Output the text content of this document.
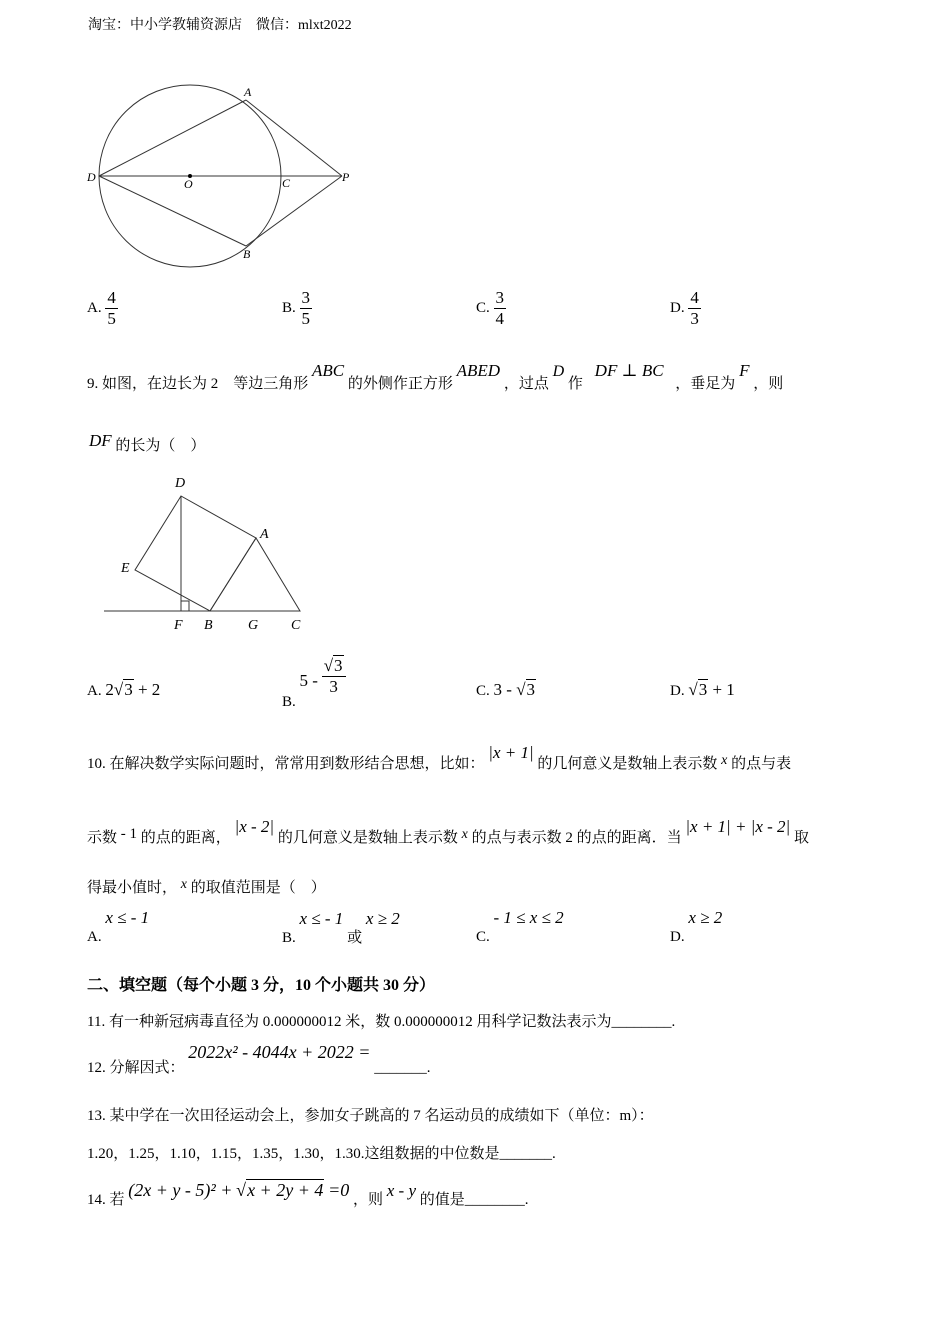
淘宝：中小学教辅资源店　微信：mlxt2022
A
D	O	C	P
B
A. $\frac{4}{5}$	B. $\frac{3}{5}$	C. $\frac{3}{4}$	D. $\frac{4}{3}$
9. 如图，在边长为 2　等边三角形 ABC 的外侧作正方形 ABED ，过点 D 作 DF ⊥ BC ，垂足为 F ，则
DF 的长为（　）
D
A
E
F B	G C
A. 2√3 + 2
B. $5 - \frac{√3}{3}$	C. 3 - √3	D. √3 + 1
10. 在解决数学实际问题时，常常用到数形结合思想，比如： |x + 1| 的几何意义是数轴上表示数 x 的点与表
示数 - 1 的点的距离， |x - 2| 的几何意义是数轴上表示数 x 的点与表示数 2 的点的距离．当 |x + 1| + |x - 2| 取
得最小值时， x 的取值范围是（　）
A. x ≤ - 1
B. x ≤ - 1 或 x ≥ 2
C. - 1 ≤ x ≤ 2
D. x ≥ 2
二、填空题（每个小题 3 分，10 个小题共 30 分）
11. 有一种新冠病毒直径为 0.000000012 米，数 0.000000012 用科学记数法表示为________.
12. 分解因式： 2022x² - 4044x + 2022 = _______.
13. 某中学在一次田径运动会上，参加女子跳高的 7 名运动员的成绩如下（单位：m）：
1.20，1.25，1.10，1.15，1.35，1.30，1.30.这组数据的中位数是_______.
14. 若 (2x + y - 5)² + √x + 2y + 4 =0 ，则 x - y 的值是________.
